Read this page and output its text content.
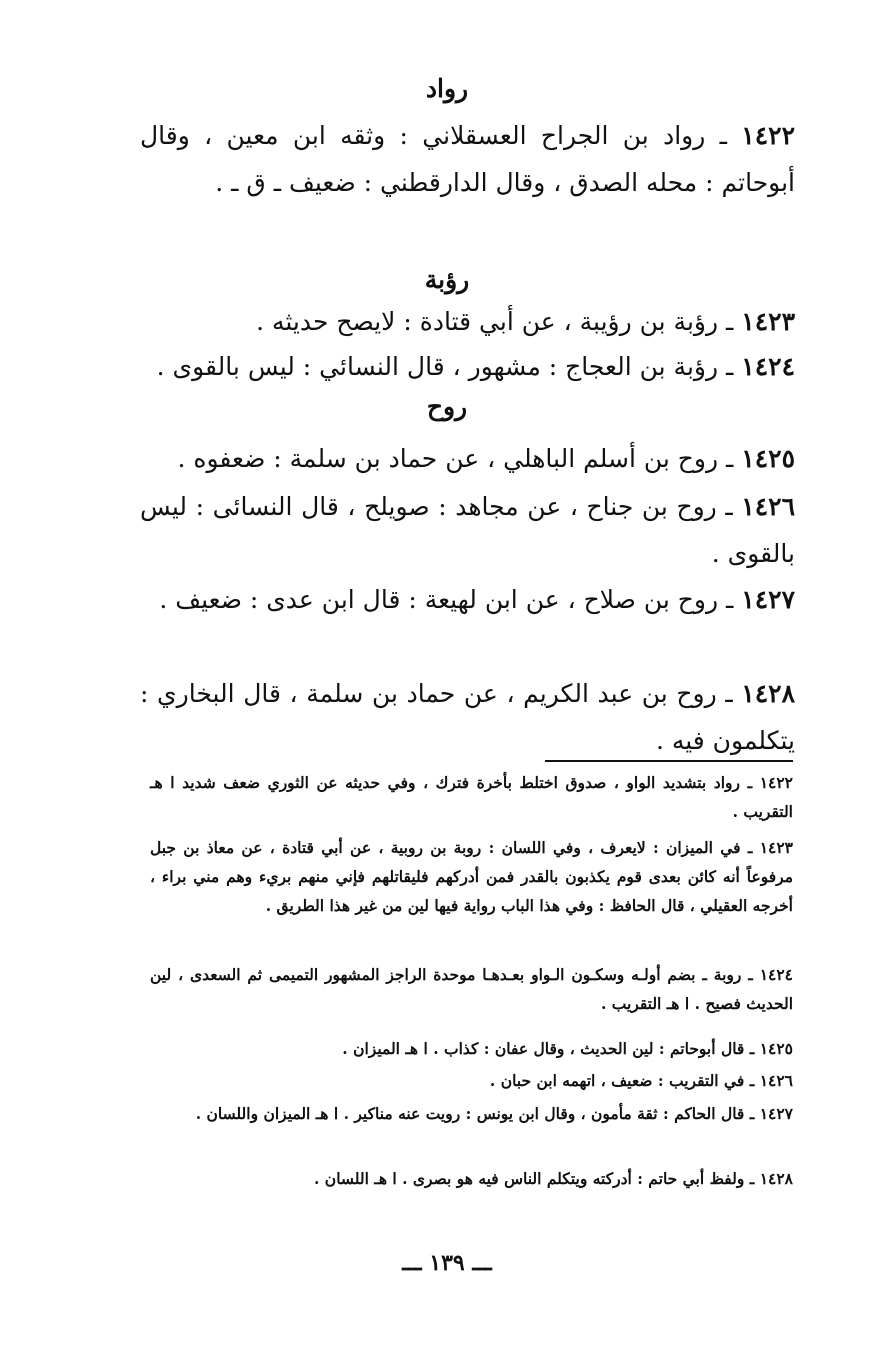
رواد
١٤٢٢ ـ رواد بن الجراح العسقلاني : وثقه ابن معين ، وقال أبوحاتم : محله الصدق ، وقال الدارقطني : ضعيف ـ ق ـ .
رؤبة
١٤٢٣ ـ رؤبة بن رؤيبة ، عن أبي قتادة : لايصح حديثه .
١٤٢٤ ـ رؤبة بن العجاج : مشهور ، قال النسائي : ليس بالقوى .
روح
١٤٢٥ ـ روح بن أسلم الباهلي ، عن حماد بن سلمة : ضعفوه .
١٤٢٦ ـ روح بن جناح ، عن مجاهد : صويلح ، قال النسائى : ليس بالقوى .
١٤٢٧ ـ روح بن صلاح ، عن ابن لهيعة : قال ابن عدى : ضعيف .
١٤٢٨ ـ روح بن عبد الكريم ، عن حماد بن سلمة ، قال البخاري : يتكلمون فيه .
١٤٢٢ ـ رواد بتشديد الواو ، صدوق اختلط بأخرة فترك ، وفي حديثه عن الثوري ضعف شديد ا هـ التقريب .
١٤٢٣ ـ في الميزان : لايعرف ، وفي اللسان : روبة بن روبية ، عن أبي قتادة ، عن معاذ بن جبل مرفوعاً أنه كائن بعدى قوم يكذبون بالقدر فمن أدركهم فليقاتلهم فإني منهم بريء وهم مني براء ، أخرجه العقيلي ، قال الحافظ : وفي هذا الباب رواية فيها لين من غير هذا الطريق .
١٤٢٤ ـ روبة ـ بضم أولـه وسكـون الـواو بعـدهـا موحدة الراجز المشهور التميمى ثم السعدى ، لين الحديث فصيح . ا هـ التقريب .
١٤٢٥ ـ قال أبوحاتم : لين الحديث ، وقال عفان : كذاب . ا هـ الميزان .
١٤٢٦ ـ في التقريب : ضعيف ، اتهمه ابن حبان .
١٤٢٧ ـ قال الحاكم : ثقة مأمون ، وقال ابن يونس : رويت عنه مناكير . ا هـ الميزان واللسان .
١٤٢٨ ـ ولفظ أبي حاتم : أدركته ويتكلم الناس فيه هو بصرى . ا هـ اللسان .
ـــ ١٣٩ ـــ
